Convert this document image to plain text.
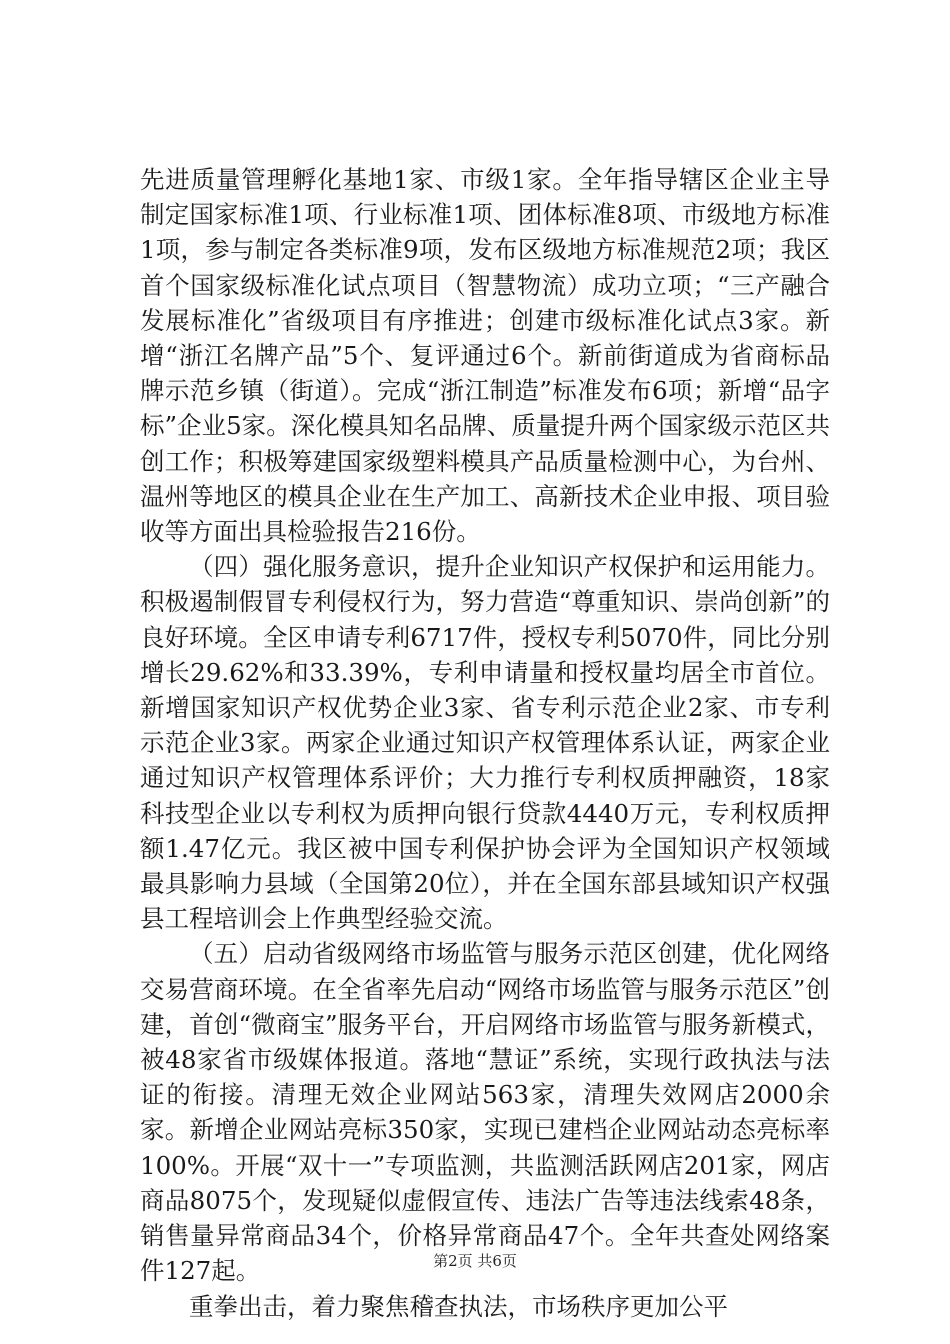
先进质量管理孵化基地1家、市级1家。全年指导辖区企业主导制定国家标准1项、行业标准1项、团体标准8项、市级地方标准1项，参与制定各类标准9项，发布区级地方标准规范2项；我区首个国家级标准化试点项目（智慧物流）成功立项；“三产融合发展标准化”省级项目有序推进；创建市级标准化试点3家。新增“浙江名牌产品”5个、复评通过6个。新前街道成为省商标品牌示范乡镇（街道）。完成“浙江制造”标准发布6项；新增“品字标”企业5家。深化模具知名品牌、质量提升两个国家级示范区共创工作；积极筹建国家级塑料模具产品质量检测中心，为台州、温州等地区的模具企业在生产加工、高新技术企业申报、项目验收等方面出具检验报告216份。

（四）强化服务意识，提升企业知识产权保护和运用能力。积极遏制假冒专利侵权行为，努力营造“尊重知识、崇尚创新”的良好环境。全区申请专利6717件，授权专利5070件，同比分别增长29.62%和33.39%，专利申请量和授权量均居全市首位。新增国家知识产权优势企业3家、省专利示范企业2家、市专利示范企业3家。两家企业通过知识产权管理体系认证，两家企业通过知识产权管理体系评价；大力推行专利权质押融资，18家科技型企业以专利权为质押向银行贷款4440万元，专利权质押额1.47亿元。我区被中国专利保护协会评为全国知识产权领域最具影响力县域（全国第20位），并在全国东部县域知识产权强县工程培训会上作典型经验交流。

（五）启动省级网络市场监管与服务示范区创建，优化网络交易营商环境。在全省率先启动“网络市场监管与服务示范区”创建，首创“微商宝”服务平台，开启网络市场监管与服务新模式，被48家省市级媒体报道。落地“慧证”系统，实现行政执法与法证的衔接。清理无效企业网站563家，清理失效网店2000余家。新增企业网站亮标350家，实现已建档企业网站动态亮标率100%。开展“双十一”专项监测，共监测活跃网店201家，网店商品8075个，发现疑似虚假宣传、违法广告等违法线索48条，销售量异常商品34个，价格异常商品47个。全年共查处网络案件127起。

重拳出击，着力聚焦稽查执法，市场秩序更加公平

第2页 共6页
